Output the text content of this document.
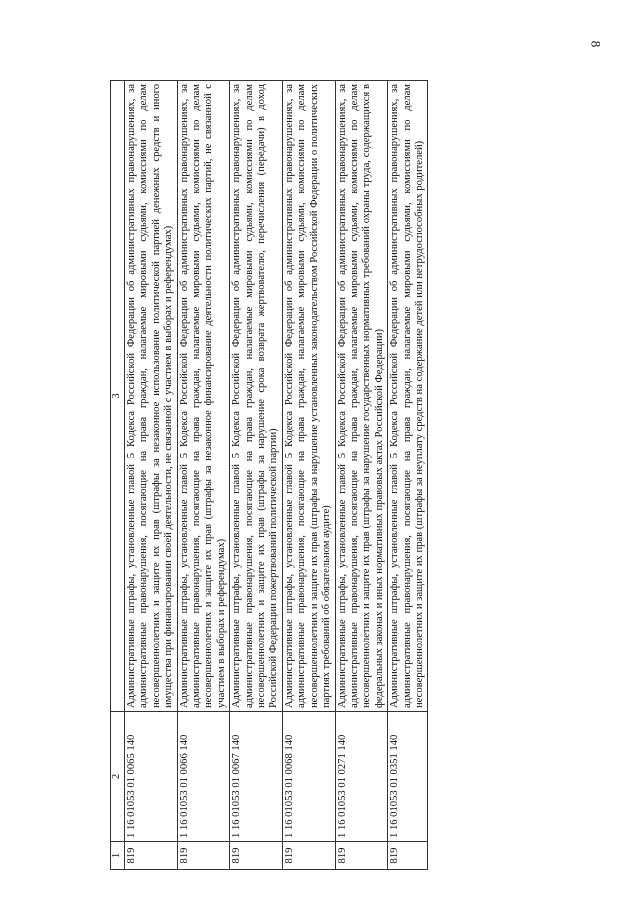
8
1	2	3
819	1 16 01053 01 0065 140	Административные штрафы, установленные главой 5 Кодекса Российской Федерации об административных правонарушениях, за административные правонарушения, посягающие на права граждан, налагаемые мировыми судьями, комиссиями по делам несовершеннолетних и защите их прав (штрафы за незаконное использование политической партией денежных средств и иного имущества при финансировании своей деятельности, не связанной с участием в выборах и референдумах)
819	1 16 01053 01 0066 140	Административные штрафы, установленные главой 5 Кодекса Российской Федерации об административных правонарушениях, за административные правонарушения, посягающие на права граждан, налагаемые мировыми судьями, комиссиями по делам несовершеннолетних и защите их прав (штрафы за незаконное финансирование деятельности политических партий, не связанной с участием в выборах и референдумах)
819	1 16 01053 01 0067 140	Административные штрафы, установленные главой 5 Кодекса Российской Федерации об административных правонарушениях, за административные правонарушения, посягающие на права граждан, налагаемые мировыми судьями, комиссиями по делам несовершеннолетних и защите их прав (штрафы за нарушение срока возврата жертвователю, перечисления (передачи) в доход Российской Федерации пожертвований политической партии)
819	1 16 01053 01 0068 140	Административные штрафы, установленные главой 5 Кодекса Российской Федерации об административных правонарушениях, за административные правонарушения, посягающие на права граждан, налагаемые мировыми судьями, комиссиями по делам несовершеннолетних и защите их прав (штрафы за нарушение установленных законодательством Российской Федерации о политических партиях требований об обязательном аудите)
819	1 16 01053 01 0271 140	Административные штрафы, установленные главой 5 Кодекса Российской Федерации об административных правонарушениях, за административные правонарушения, посягающие на права граждан, налагаемые мировыми судьями, комиссиями по делам несовершеннолетних и защите их прав (штрафы за нарушение государственных нормативных требований охраны труда, содержащихся в федеральных законах и иных нормативных правовых актах Российской Федерации)
819	1 16 01053 01 0351 140	Административные штрафы, установленные главой 5 Кодекса Российской Федерации об административных правонарушениях, за административные правонарушения, посягающие на права граждан, налагаемые мировыми судьями, комиссиями по делам несовершеннолетних и защите их прав (штрафы за неуплату средств на содержание детей или нетрудоспособных родителей)
